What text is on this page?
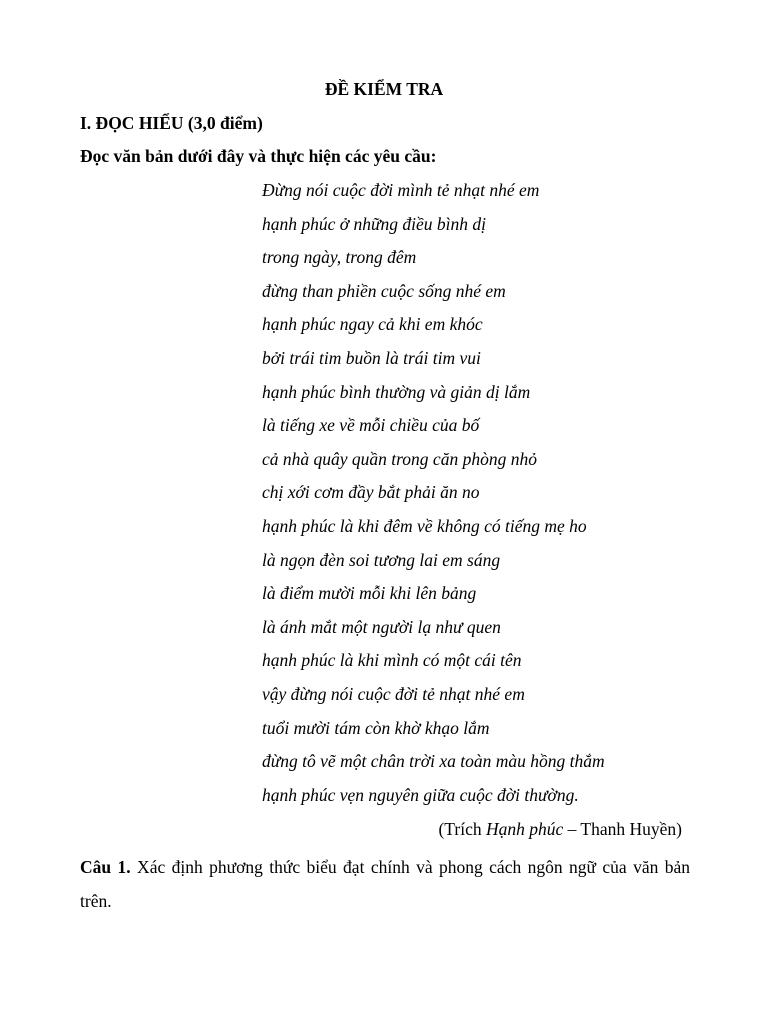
ĐỀ KIỂM TRA
I. ĐỌC HIỂU (3,0 điểm)
Đọc văn bản dưới đây và thực hiện các yêu cầu:
Đừng nói cuộc đời mình tẻ nhạt nhé em
hạnh phúc ở những điều bình dị
trong ngày, trong đêm
đừng than phiền cuộc sống nhé em
hạnh phúc ngay cả khi em khóc
bởi trái tim buồn là trái tim vui
hạnh phúc bình thường và giản dị lắm
là tiếng xe về mỗi chiều của bố
cả nhà quây quần trong căn phòng nhỏ
chị xới cơm đầy bắt phải ăn no
hạnh phúc là khi đêm về không có tiếng mẹ ho
là ngọn đèn soi tương lai em sáng
là điểm mười mỗi khi lên bảng
là ánh mắt một người lạ như quen
hạnh phúc là khi mình có một cái tên
vậy đừng nói cuộc đời tẻ nhạt nhé em
tuổi mười tám còn khờ khạo lắm
đừng tô vẽ một chân trời xa toàn màu hồng thắm
hạnh phúc vẹn nguyên giữa cuộc đời thường.
(Trích Hạnh phúc – Thanh Huyền)
Câu 1. Xác định phương thức biểu đạt chính và phong cách ngôn ngữ của văn bản trên.
